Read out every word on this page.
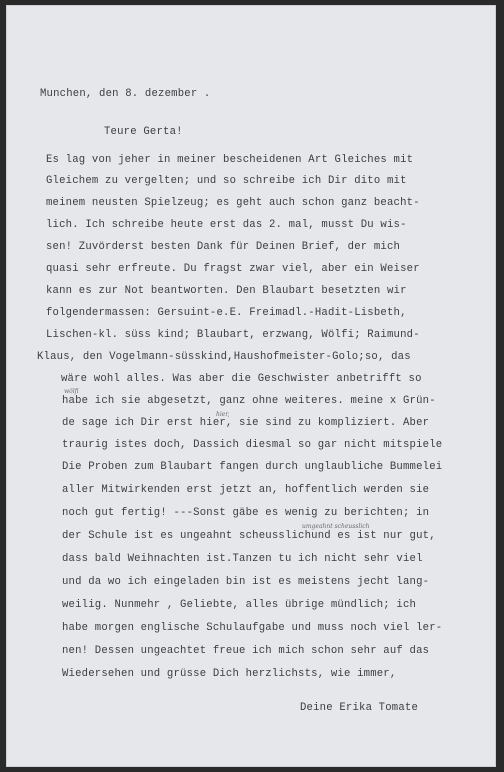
Munchen, den 8. dezember .

Teure Gerta!

Es lag von jeher in meiner bescheidenen Art Gleiches mit

Gleichem zu vergelten; und so schreibe ich Dir dito mit

meinem neusten Spielzeug; es geht auch schon ganz beacht-

lich. Ich schreibe heute erst das 2. mal, musst Du wis-

sen! Zuvörderst besten Dank für Deinen Brief, der mich

quasi sehr erfreute. Du fragst zwar viel, aber ein Weiser

kann es zur Not beantworten. Den Blaubart besetzten wir

folgendermassen: Gersuint-e.E. Freimadl.-Hadit-Lisbeth,

Lischen-kl. süss kind; Blaubart, erzwang, Wölfi; Raimund-

Klaus, den Vogelmann-süsskind,Haushofmeister-Golo;so, das

wäre wohl alles. Was aber die Geschwister anbetrifft so

habe ich sie abgesetzt, ganz ohne weiteres. meine x Grün-

de sage ich Dir erst hier, sie sind zu kompliziert. Aber

traurig istes doch, Dassich diesmal so gar nicht mitspiele

Die Proben zum Blaubart fangen durch unglaubliche Bummelei

aller Mitwirkenden erst jetzt an, hoffentlich werden sie

noch gut fertig! ---Sonst gäbe es wenig zu berichten; in

der Schule ist es ungeahnt scheusslichund es ist nur gut,

dass bald Weihnachten ist.Tanzen tu ich nicht sehr viel

und da wo ich eingeladen bin ist es meistens jecht lang-

weilig. Nunmehr , Geliebte, alles übrige mündlich; ich

habe morgen englische Schulaufgabe und muss noch viel ler-

nen! Dessen ungeachtet freue ich mich schon sehr auf das

Wiedersehen und grüsse Dich herzlichsts, wie immer,

Deine Erika Tomate

wölfi
hier,
umgeahnt scheusslich
